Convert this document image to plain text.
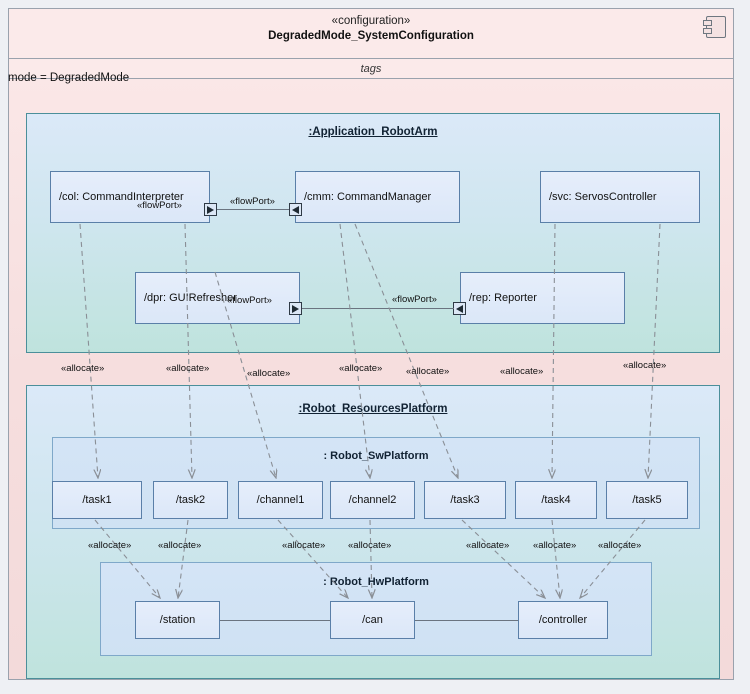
«configuration»
DegradedMode_SystemConfiguration
tags
mode = DegradedMode
:Application_RobotArm
/col: CommandInterpreter	/cmm: CommandManager	/svc: ServosController
/dpr: GUIRefresher	/rep: Reporter
«flowPort»	«flowPort»
«flowPort»	«flowPort»
:Robot_ResourcesPlatform
: Robot_SwPlatform
/task1	/task2	/channel1	/channel2	/task3	/task4	/task5
: Robot_HwPlatform
/station	/can	/controller
«allocate»	«allocate»	«allocate»	«allocate» «allocate»	«allocate»
«allocate»
«allocate»	«allocate»	«allocate» «allocate»	«allocate» «allocate» «allocate»
